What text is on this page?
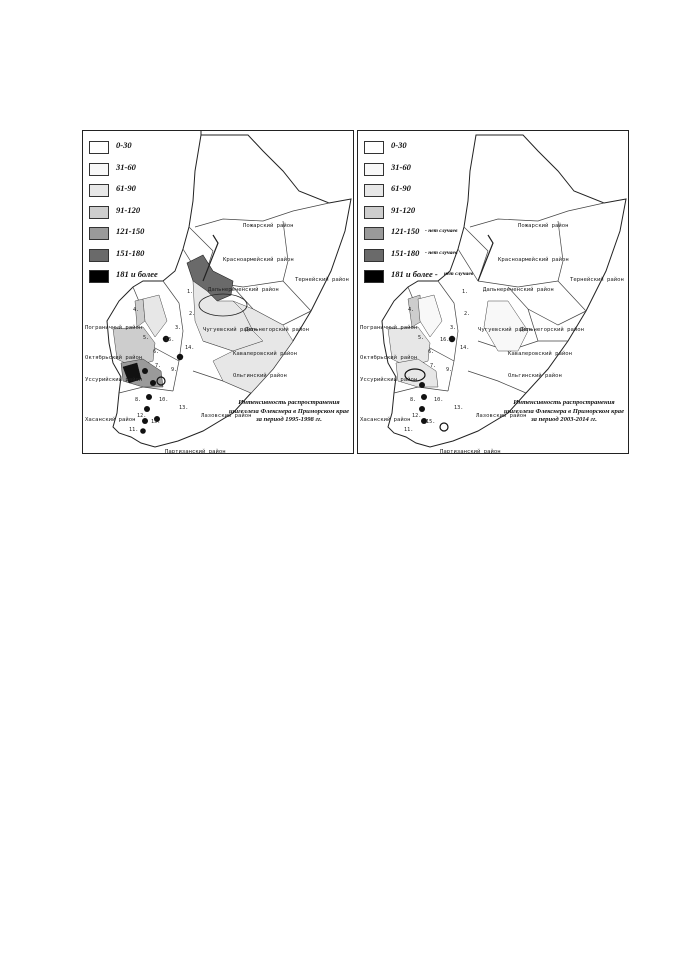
Пожарский район
Красноармейский район
Тернейский район
Дальнереченский район
Чугуевский район
Дальнегорский район
Кавалеровский район
Ольгинский район
Лазовский район
Партизанский район
Пограничный район
Октябрьский район
Уссурийский район
Хасанский район
1.
2.
3.
4.
5.
6.
7.
8.
9.
10.
11.
12.
13.
14.
15.
16.
0-30
31-60
61-90
91-120
121-150
151-180
181 и более
Интенсивность распространения шигеллеза Флекснера в Приморском крае за период 1995-1998 гг.
Пожарский район
Красноармейский район
Тернейский район
Дальнереченский район
Чугуевский район
Дальнегорский район
Кавалеровский район
Ольгинский район
Лазовский район
Партизанский район
Пограничный район
Октябрьский район
Уссурийский район
Хасанский район
1.
2.
3.
4.
5.
6.
7.
8.
9.
10.
11.
12.
13.
14.
15.
16.
0-30
31-60
61-90
91-120
121-150 - нет случаев
151-180 - нет случаев
181 и более - нет случаев
Интенсивность распространения шигеллеза Флекснера в Приморском крае за период 2003-2014 гг.
